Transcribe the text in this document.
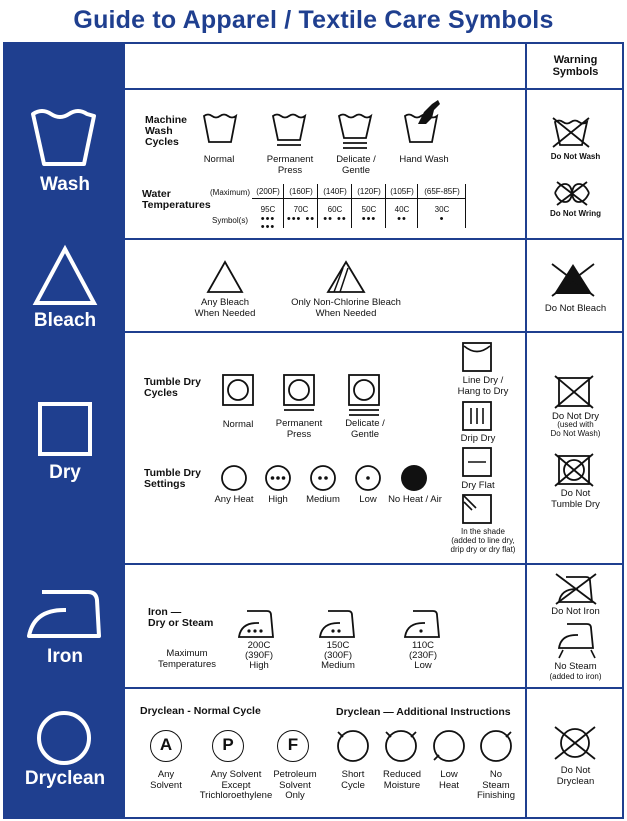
Guide to Apparel / Textile Care Symbols
Warning
Symbols
Wash
Bleach
Dry
Iron
Dryclean
Machine
Wash
Cycles
Normal	Permanent
Press
Delicate /
Gentle
Hand Wash
Water
Temperatures
(Maximum)
Symbol(s)
(200F)
95C
••• •••
(160F)
70C
••• ••
(140F)
60C
•• ••
(120F)
50C
•••
(105F)
40C
••
(65F-85F)
30C
•
Do Not Wash
Do Not Wring
Any Bleach
When Needed
Only Non-Chlorine Bleach
When Needed	Do Not Bleach
Tumble Dry
Cycles
Normal	Permanent
Press
Delicate /
Gentle
Tumble Dry
Settings
Any Heat	High	Medium	Low	No Heat / Air
Line Dry /
Hang to Dry
Drip Dry
Dry Flat
In the shade
(added to line dry,
drip dry or dry flat)
Do Not Dry
(used with
Do Not Wash)
Do Not
Tumble Dry
Iron —
Dry or Steam
Maximum
Temperatures
200C
(390F)
High
150C
(300F)
Medium
110C
(230F)
Low
Do Not Iron
No Steam
(added to iron)
Dryclean - Normal Cycle	Dryclean — Additional Instructions
A
Any
Solvent
P
Any Solvent
Except
Trichloroethylene
F
Petroleum
Solvent
Only
Short
Cycle
Reduced
Moisture
Low
Heat
No
Steam
Finishing
Do Not
Dryclean
